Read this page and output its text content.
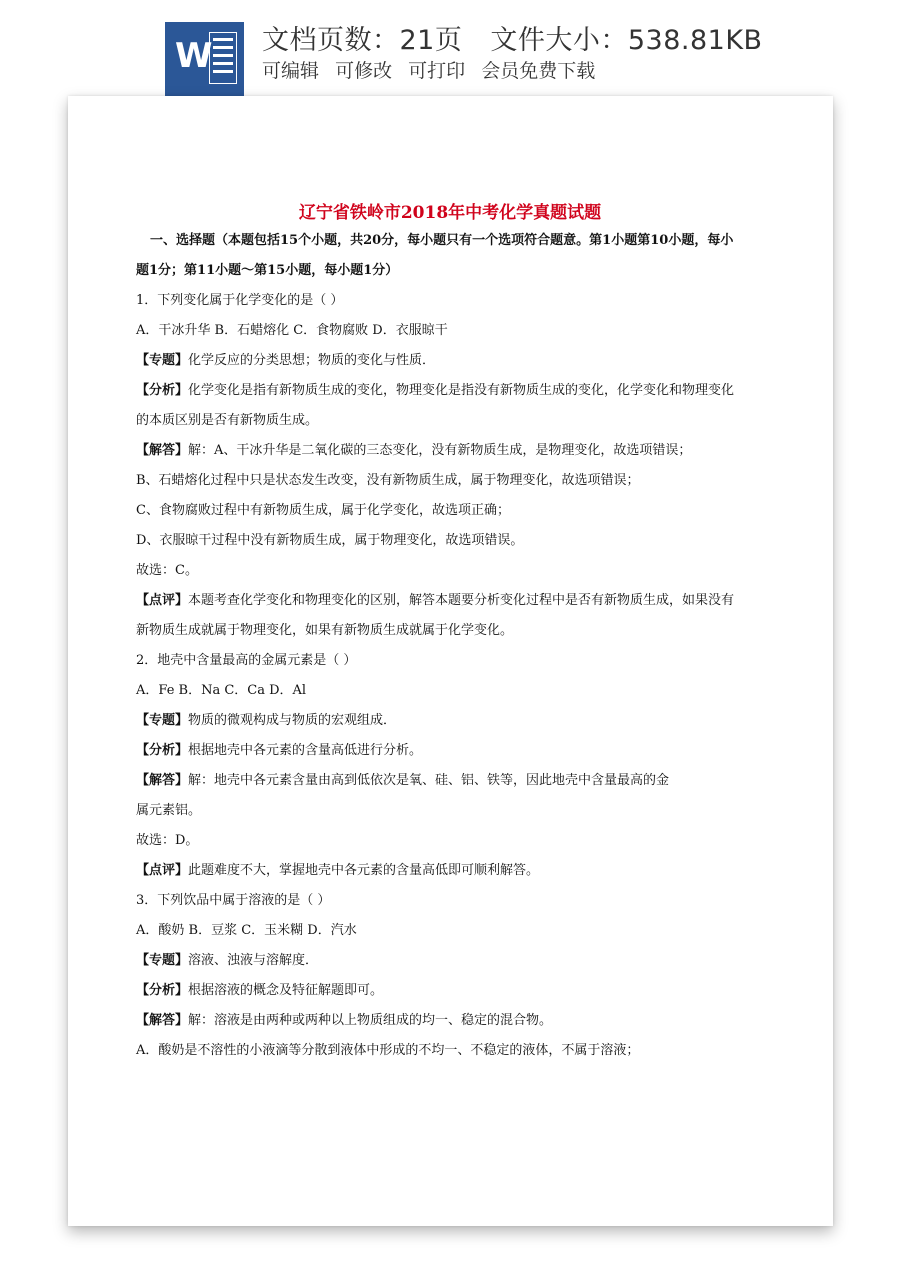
W 文档页数：21页 文件大小：538.81KB
可编辑 可修改 可打印 会员免费下载
辽宁省铁岭市2018年中考化学真题试题
一、选择题（本题包括15个小题，共20分，每小题只有一个选项符合题意。第1小题第10小题，每小
题1分；第11小题～第15小题，每小题1分）
1．下列变化属于化学变化的是（ ）
A．干冰升华 B．石蜡熔化 C．食物腐败 D．衣服晾干
【专题】化学反应的分类思想；物质的变化与性质．
【分析】化学变化是指有新物质生成的变化，物理变化是指没有新物质生成的变化，化学变化和物理变化
的本质区别是否有新物质生成。
【解答】解：A、干冰升华是二氧化碳的三态变化，没有新物质生成，是物理变化，故选项错误；
B、石蜡熔化过程中只是状态发生改变，没有新物质生成，属于物理变化，故选项错误；
C、食物腐败过程中有新物质生成，属于化学变化，故选项正确；
D、衣服晾干过程中没有新物质生成，属于物理变化，故选项错误。
故选：C。
【点评】本题考查化学变化和物理变化的区别，解答本题要分析变化过程中是否有新物质生成，如果没有
新物质生成就属于物理变化，如果有新物质生成就属于化学变化。
2．地壳中含量最高的金属元素是（ ）
A．Fe B．Na C．Ca D．Al
【专题】物质的微观构成与物质的宏观组成．
【分析】根据地壳中各元素的含量高低进行分析。
【解答】解：地壳中各元素含量由高到低依次是氧、硅、铝、铁等，因此地壳中含量最高的金
属元素铝。
故选：D。
【点评】此题难度不大，掌握地壳中各元素的含量高低即可顺利解答。
3．下列饮品中属于溶液的是（ ）
A．酸奶 B．豆浆 C．玉米糊 D．汽水
【专题】溶液、浊液与溶解度．
【分析】根据溶液的概念及特征解题即可。
【解答】解：溶液是由两种或两种以上物质组成的均一、稳定的混合物。
A．酸奶是不溶性的小液滴等分散到液体中形成的不均一、不稳定的液体，不属于溶液；
